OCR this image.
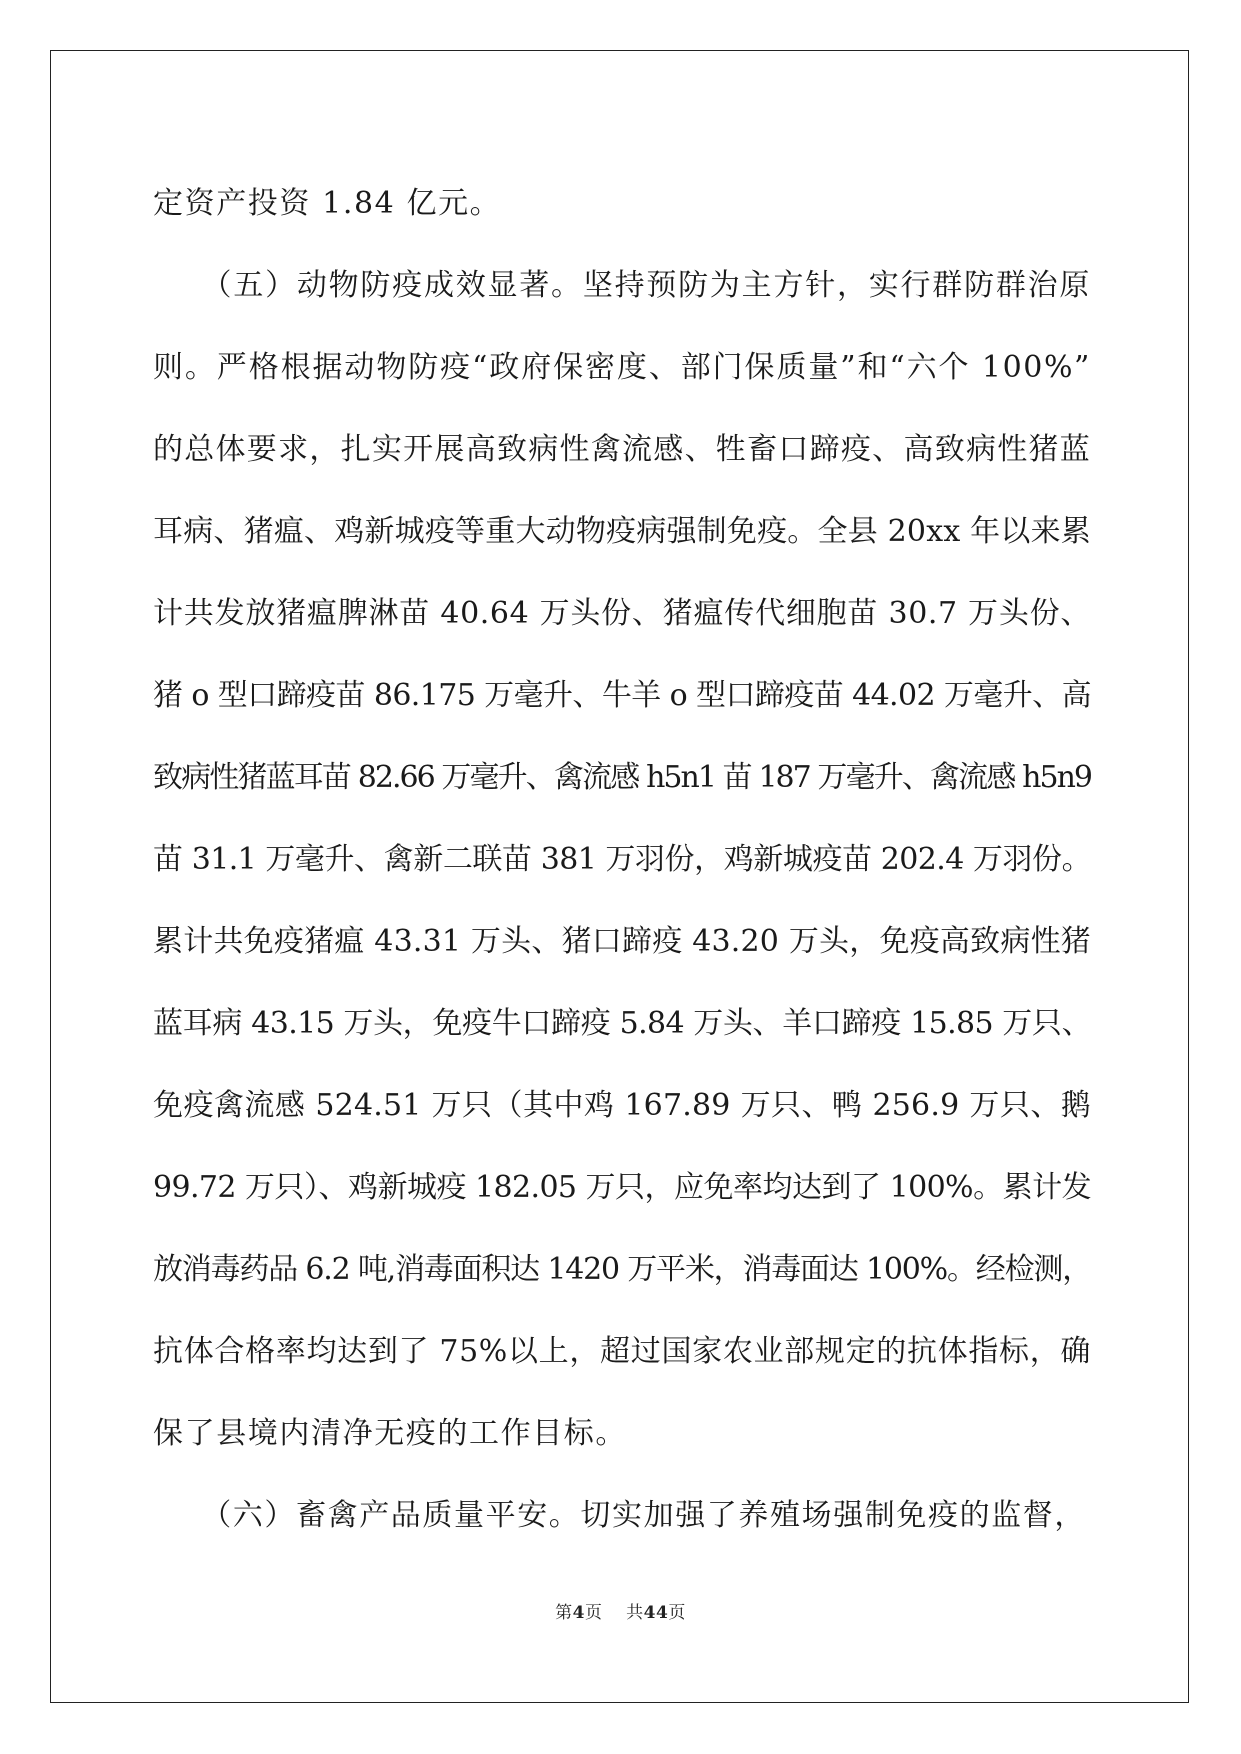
定资产投资 1.84 亿元。
　　（五）动物防疫成效显著。坚持预防为主方针，实行群防群治原
则。严格根据动物防疫“政府保密度、部门保质量”和“六个 100%”
的总体要求，扎实开展高致病性禽流感、牲畜口蹄疫、高致病性猪蓝
耳病、猪瘟、鸡新城疫等重大动物疫病强制免疫。全县 20xx 年以来累
计共发放猪瘟脾淋苗 40.64 万头份、猪瘟传代细胞苗 30.7 万头份、
猪 o 型口蹄疫苗 86.175 万毫升、牛羊 o 型口蹄疫苗 44.02 万毫升、高
致病性猪蓝耳苗 82.66 万毫升、禽流感 h5n1 苗 187 万毫升、禽流感 h5n9
苗 31.1 万毫升、禽新二联苗 381 万羽份，鸡新城疫苗 202.4 万羽份。
累计共免疫猪瘟 43.31 万头、猪口蹄疫 43.20 万头，免疫高致病性猪
蓝耳病 43.15 万头，免疫牛口蹄疫 5.84 万头、羊口蹄疫 15.85 万只、
免疫禽流感 524.51 万只（其中鸡 167.89 万只、鸭 256.9 万只、鹅
99.72 万只）、鸡新城疫 182.05 万只，应免率均达到了 100%。累计发
放消毒药品 6.2 吨,消毒面积达 1420 万平米，消毒面达 100%。经检测，
抗体合格率均达到了 75%以上，超过国家农业部规定的抗体指标，确
保了县境内清净无疫的工作目标。
　　（六）畜禽产品质量平安。切实加强了养殖场强制免疫的监督，
第4页 共44页
